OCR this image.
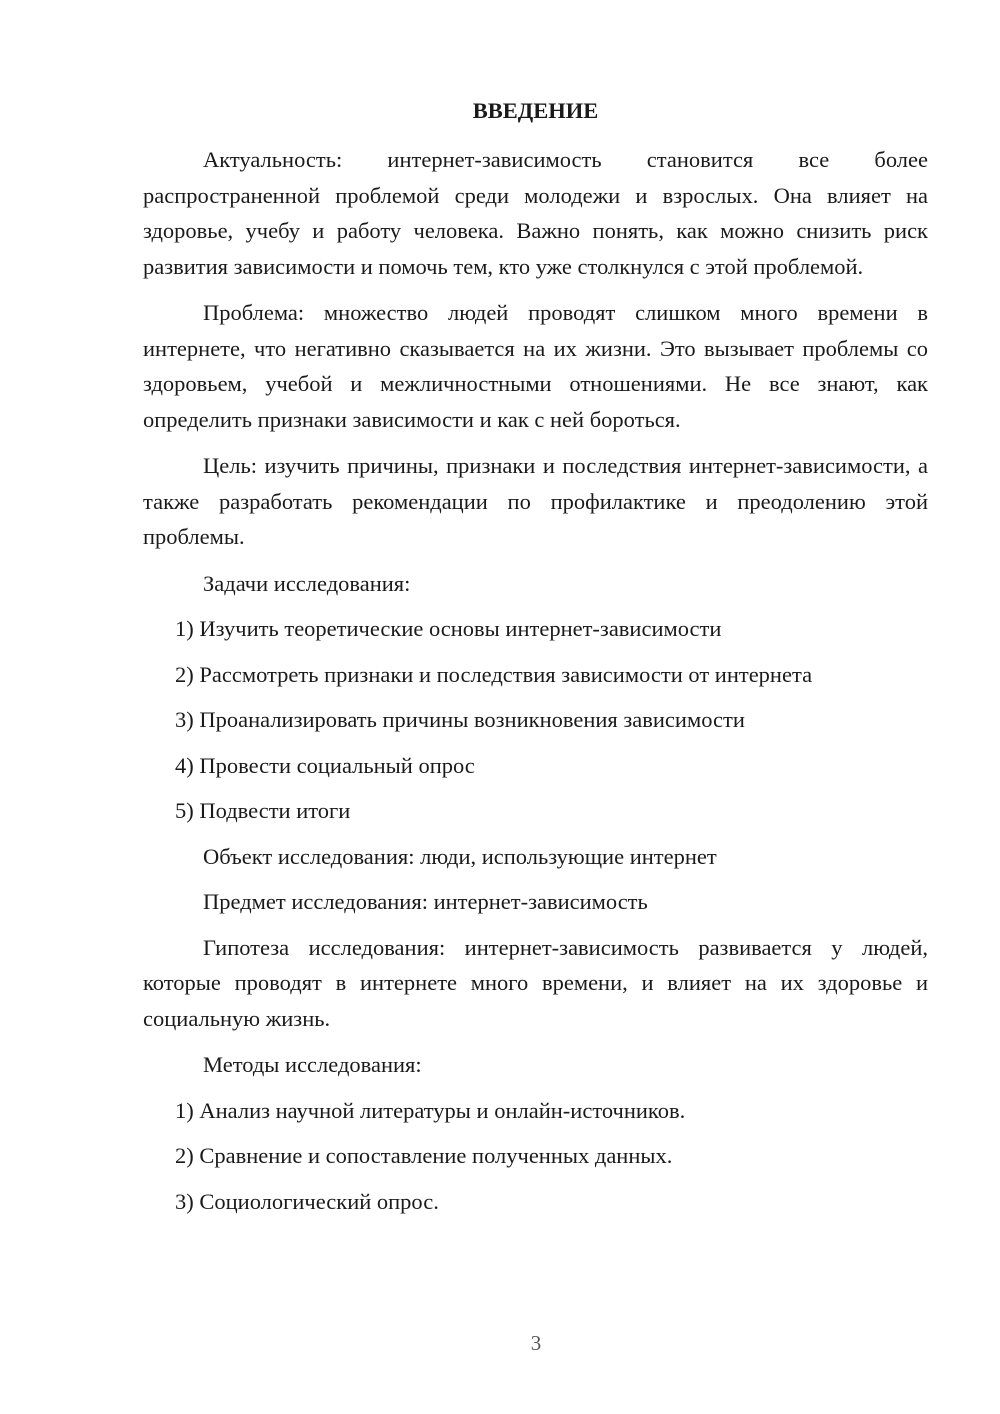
ВВЕДЕНИЕ
Актуальность: интернет-зависимость становится все более распространенной проблемой среди молодежи и взрослых. Она влияет на здоровье, учебу и работу человека. Важно понять, как можно снизить риск развития зависимости и помочь тем, кто уже столкнулся с этой проблемой.
Проблема: множество людей проводят слишком много времени в интернете, что негативно сказывается на их жизни. Это вызывает проблемы со здоровьем, учебой и межличностными отношениями. Не все знают, как определить признаки зависимости и как с ней бороться.
Цель: изучить причины, признаки и последствия интернет-зависимости, а также разработать рекомендации по профилактике и преодолению этой проблемы.
Задачи исследования:
1) Изучить теоретические основы интернет-зависимости
2) Рассмотреть признаки и последствия зависимости от интернета
3) Проанализировать причины возникновения зависимости
4) Провести социальный опрос
5) Подвести итоги
Объект исследования: люди, использующие интернет
Предмет исследования: интернет-зависимость
Гипотеза исследования: интернет-зависимость развивается у людей, которые проводят в интернете много времени, и влияет на их здоровье и социальную жизнь.
Методы исследования:
1) Анализ научной литературы и онлайн-источников.
2) Сравнение и сопоставление полученных данных.
3) Социологический опрос.
3
